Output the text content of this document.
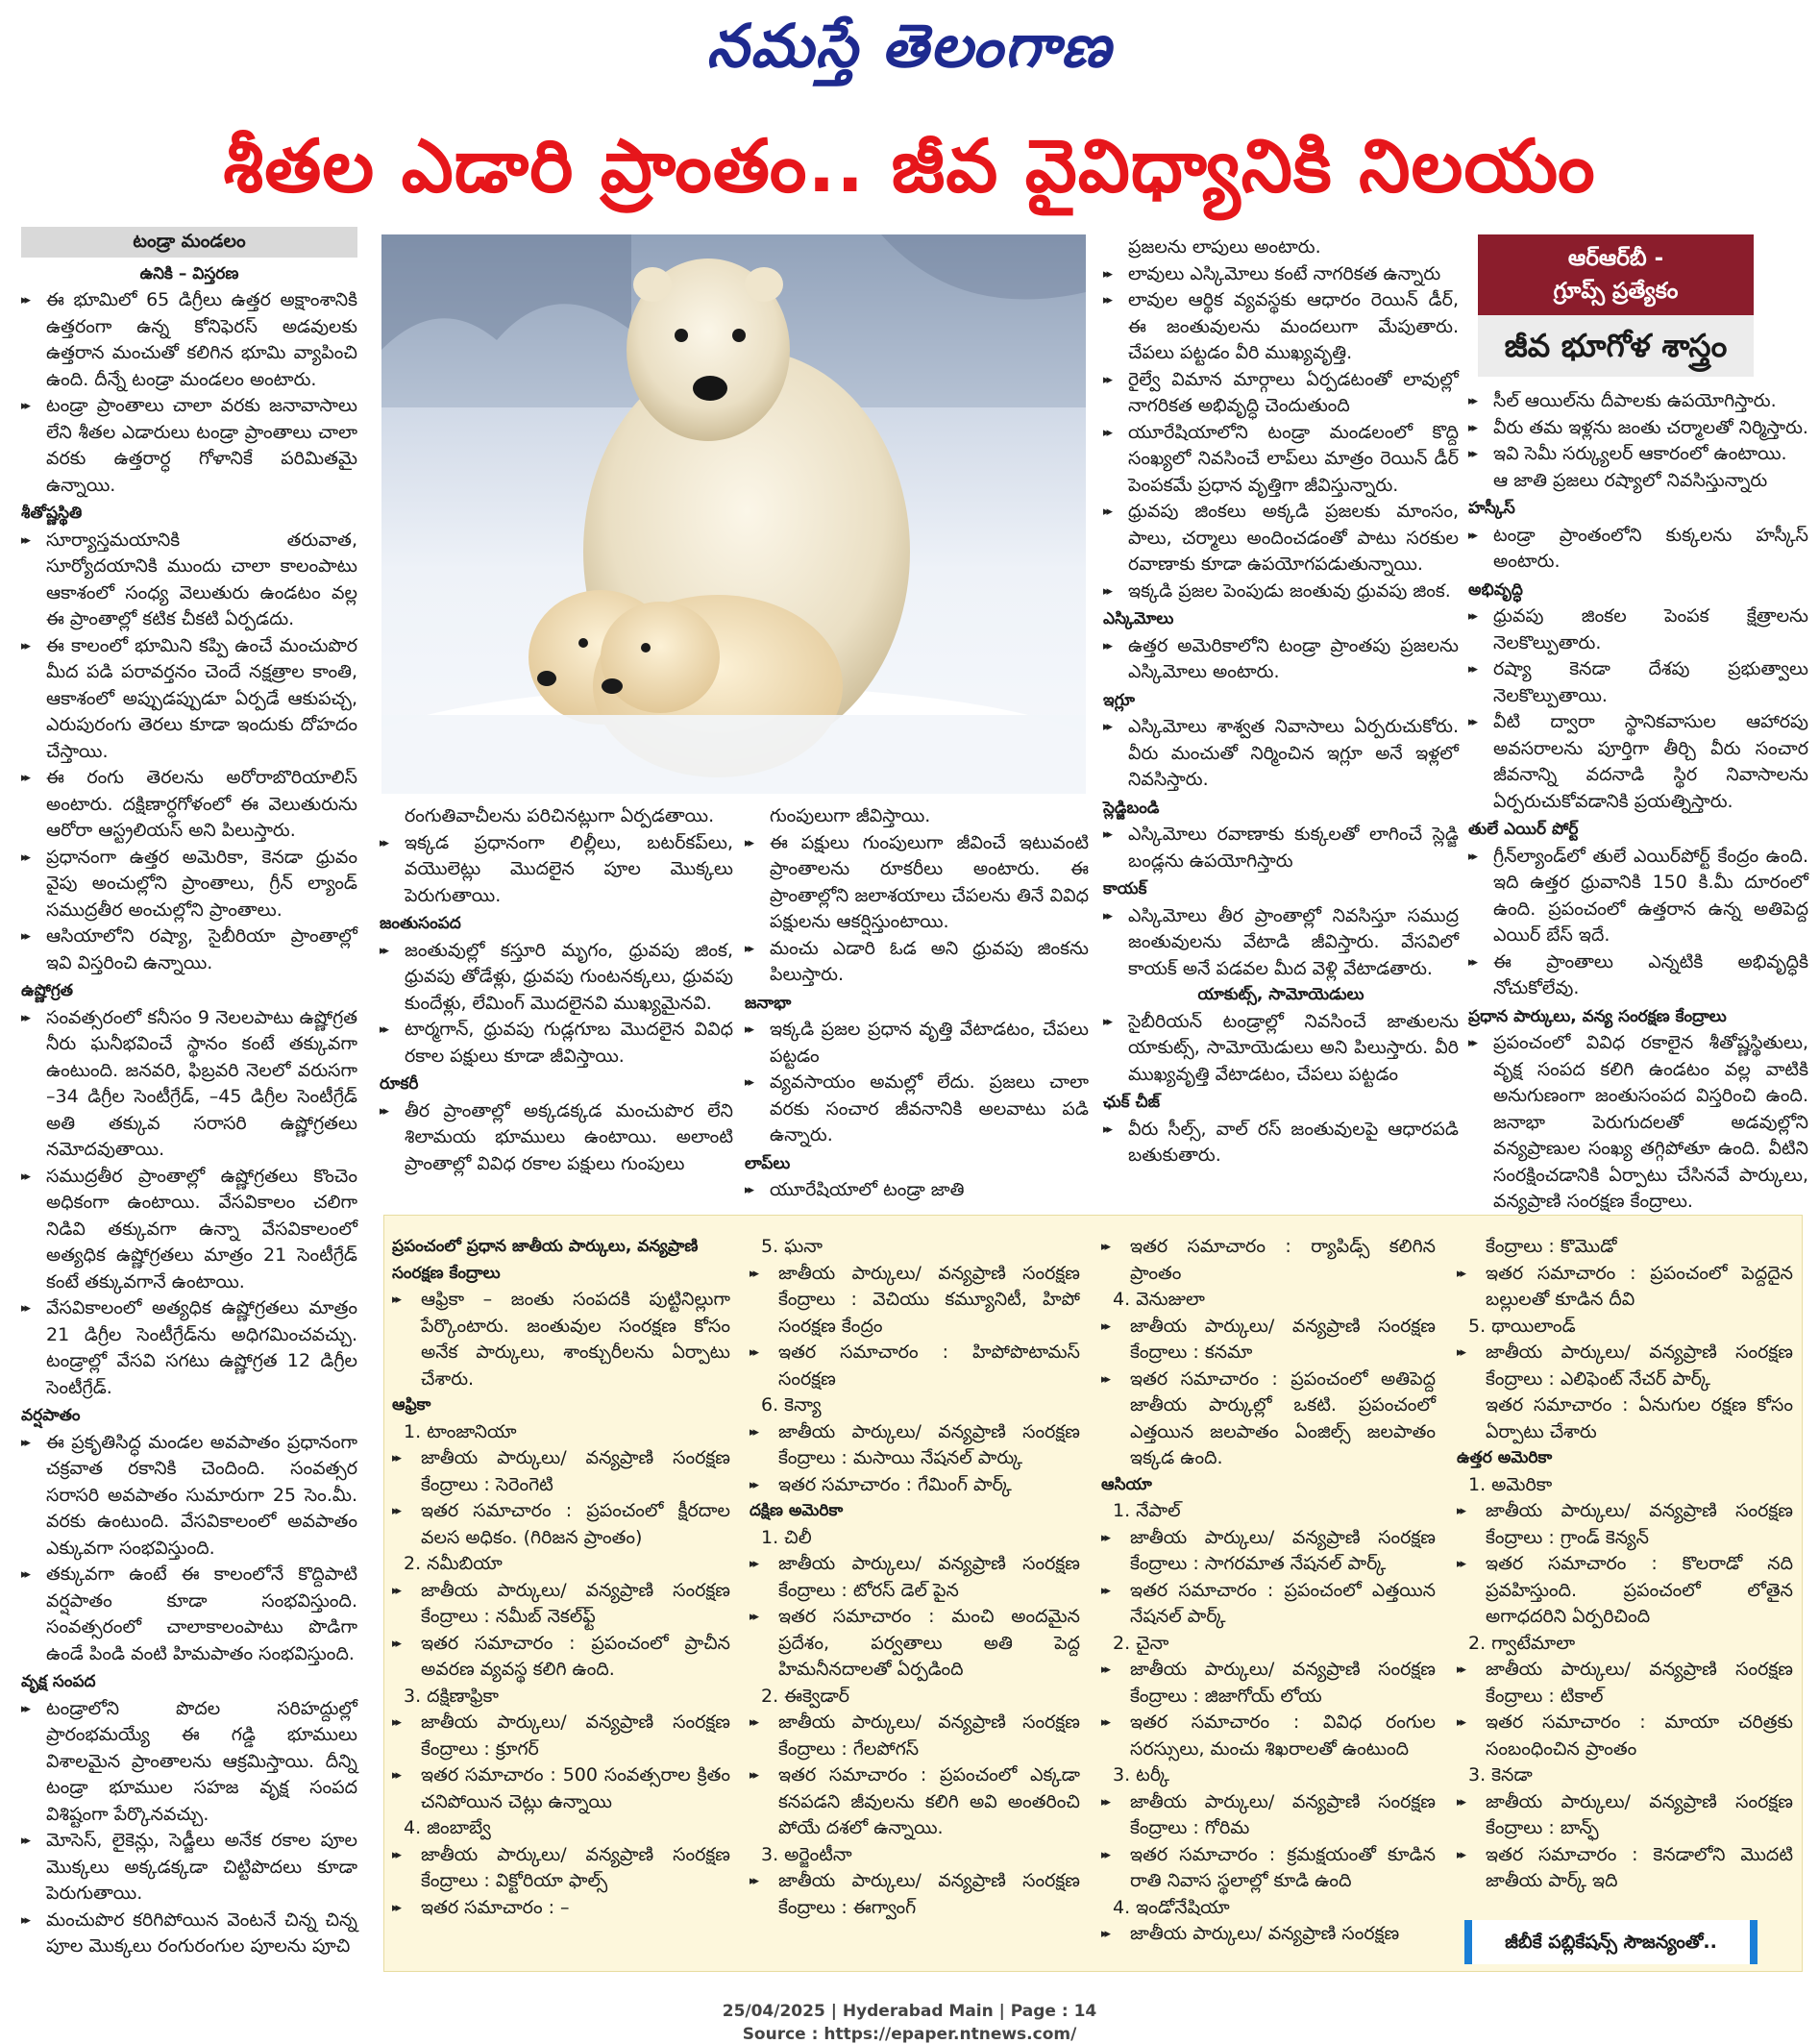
నమస్తే తెలంగాణ
శీతల ఎడారి ప్రాంతం.. జీవ వైవిధ్యానికి నిలయం
టండ్రా మండలం
ఉనికి – విస్తరణ

▸▸ ఈ భూమిలో 65 డిగ్రీలు ఉత్తర అక్షాంశానికి ఉత్తరంగా ఉన్న కోనిఫెరస్ అడవులకు ఉత్తరాన మంచుతో కలిగిన భూమి వ్యాపించి ఉంది. దీన్నే టండ్రా మండలం అంటారు.

▸▸ టండ్రా ప్రాంతాలు చాలా వరకు జనావాసాలు లేని శీతల ఎడారులు టండ్రా ప్రాంతాలు చాలా వరకు ఉత్తరార్ధ గోళానికే పరిమితమై ఉన్నాయి.

శీతోష్ణస్థితి

▸▸ సూర్యాస్తమయానికి తరువాత, సూర్యోదయానికి ముందు చాలా కాలంపాటు ఆకాశంలో సంధ్య వెలుతురు ఉండటం వల్ల ఈ ప్రాంతాల్లో కటిక చీకటి ఏర్పడదు.

▸▸ ఈ కాలంలో భూమిని కప్పి ఉంచే మంచుపొర మీద పడి పరావర్తనం చెందే నక్షత్రాల కాంతి, ఆకాశంలో అప్పుడప్పుడూ ఏర్పడే ఆకుపచ్చ, ఎరుపురంగు తెరలు కూడా ఇందుకు దోహదం చేస్తాయి.

▸▸ ఈ రంగు తెరలను అరోరాబొరియాలిస్ అంటారు. దక్షిణార్ధగోళంలో ఈ వెలుతురును ఆరోరా ఆస్ట్రలియస్ అని పిలుస్తారు.

▸▸ ప్రధానంగా ఉత్తర అమెరికా, కెనడా ధ్రువం వైపు అంచుల్లోని ప్రాంతాలు, గ్రీన్ ల్యాండ్ సముద్రతీర అంచుల్లోని ప్రాంతాలు.

▸▸ ఆసియాలోని రష్యా, సైబీరియా ప్రాంతాల్లో ఇవి విస్తరించి ఉన్నాయి.

ఉష్ణోగ్రత

▸▸ సంవత్సరంలో కనీసం 9 నెలలపాటు ఉష్ణోగ్రత నీరు ఘనీభవించే స్థానం కంటే తక్కువగా ఉంటుంది. జనవరి, ఫిబ్రవరి నెలలో వరుసగా –34 డిగ్రీల సెంటీగ్రేడ్, –45 డిగ్రీల సెంటీగ్రేడ్ అతి తక్కువ సరాసరి ఉష్ణోగ్రతలు నమోదవుతాయి.

▸▸ సముద్రతీర ప్రాంతాల్లో ఉష్ణోగ్రతలు కొంచెం అధికంగా ఉంటాయి. వేసవికాలం చలిగా నిడివి తక్కువగా ఉన్నా వేసవికాలంలో అత్యధిక ఉష్ణోగ్రతలు మాత్రం 21 సెంటీగ్రేడ్ కంటే తక్కువగానే ఉంటాయి.

▸▸ వేసవికాలంలో అత్యధిక ఉష్ణోగ్రతలు మాత్రం 21 డిగ్రీల సెంటీగ్రేడ్‌ను అధిగమించవచ్చు. టండ్రాల్లో వేసవి సగటు ఉష్ణోగ్రత 12 డిగ్రీల సెంటీగ్రేడ్.

వర్షపాతం

▸▸ ఈ ప్రకృతిసిద్ధ మండల అవపాతం ప్రధానంగా చక్రవాత రకానికి చెందింది. సంవత్సర సరాసరి అవపాతం సుమారుగా 25 సెం.మీ. వరకు ఉంటుంది. వేసవికాలంలో అవపాతం ఎక్కువగా సంభవిస్తుంది.

▸▸ తక్కువగా ఉంటే ఈ కాలంలోనే కొద్దిపాటి వర్షపాతం కూడా సంభవిస్తుంది. సంవత్సరంలో చాలాకాలంపాటు పొడిగా ఉండే పిండి వంటి హిమపాతం సంభవిస్తుంది.

వృక్ష సంపద

▸▸ టండ్రాలోని పొదల సరిహద్దుల్లో ప్రారంభమయ్యే ఈ గడ్డి భూములు విశాలమైన ప్రాంతాలను ఆక్రమిస్తాయి. దీన్ని టండ్రా భూముల సహజ వృక్ష సంపద విశిష్టంగా పేర్కొనవచ్చు.

▸▸ మోసెస్, లైకెన్లు, సెడ్జీలు అనేక రకాల పూల మొక్కలు అక్కడక్కడా చిట్టిపొదలు కూడా పెరుగుతాయి.

▸▸ మంచుపొర కరిగిపోయిన వెంటనే చిన్న చిన్న పూల మొక్కలు రంగురంగుల పూలను పూచి

రంగుతివాచీలను పరిచినట్లుగా ఏర్పడతాయి.

▸▸ ఇక్కడ ప్రధానంగా లిల్లీలు, బటర్‌కప్‌లు, వయొలెట్లు మొదలైన పూల మొక్కలు పెరుగుతాయి.

జంతుసంపద

▸▸ జంతువుల్లో కస్తూరి మృగం, ధ్రువపు జింక, ధ్రువపు తోడేళ్లు, ధ్రువపు గుంటనక్కలు, ధ్రువపు కుందేళ్లు, లేమింగ్ మొదలైనవి ముఖ్యమైనవి.

▸▸ టార్మగాన్, ధ్రువపు గుడ్లగూబ మొదలైన వివిధ రకాల పక్షులు కూడా జీవిస్తాయి.

రూకరీ

▸▸ తీర ప్రాంతాల్లో అక్కడక్కడ మంచుపొర లేని శిలామయ భూములు ఉంటాయి. అలాంటి ప్రాంతాల్లో వివిధ రకాల పక్షులు గుంపులు

గుంపులుగా జీవిస్తాయి.

▸▸ ఈ పక్షులు గుంపులుగా జీవించే ఇటువంటి ప్రాంతాలను రూకరీలు అంటారు. ఈ ప్రాంతాల్లోని జలాశయాలు చేపలను తినే వివిధ పక్షులను ఆకర్షిస్తుంటాయి.

▸▸ మంచు ఎడారి ఓడ అని ధ్రువపు జింకను పిలుస్తారు.

జనాభా

▸▸ ఇక్కడి ప్రజల ప్రధాన వృత్తి వేటాడటం, చేపలు పట్టడం

▸▸ వ్యవసాయం అమల్లో లేదు. ప్రజలు చాలా వరకు సంచార జీవనానికి అలవాటు పడి ఉన్నారు.

లాప్‌లు

▸▸ యూరేషియాలో టండ్రా జాతి

ప్రజలను లాపులు అంటారు.

▸▸ లావులు ఎస్కిమోలు కంటే నాగరికత ఉన్నారు

▸▸ లావుల ఆర్థిక వ్యవస్థకు ఆధారం రెయిన్ డీర్, ఈ జంతువులను మందలుగా మేపుతారు. చేపలు పట్టడం వీరి ముఖ్యవృత్తి.

▸▸ రైల్వే విమాన మార్గాలు ఏర్పడటంతో లావుల్లో నాగరికత అభివృద్ధి చెందుతుంది

▸▸ యూరేషియాలోని టండ్రా మండలంలో కొద్ది సంఖ్యలో నివసించే లాప్‌లు మాత్రం రెయిన్ డీర్ పెంపకమే ప్రధాన వృత్తిగా జీవిస్తున్నారు.

▸▸ ధ్రువపు జింకలు అక్కడి ప్రజలకు మాంసం, పాలు, చర్మాలు అందించడంతో పాటు సరకుల రవాణాకు కూడా ఉపయోగపడుతున్నాయి.

▸▸ ఇక్కడి ప్రజల పెంపుడు జంతువు ధ్రువపు జింక.

ఎస్కిమోలు

▸▸ ఉత్తర అమెరికాలోని టండ్రా ప్రాంతపు ప్రజలను ఎస్కిమోలు అంటారు.

ఇగ్లూ

▸▸ ఎస్కిమోలు శాశ్వత నివాసాలు ఏర్పరుచుకోరు. వీరు మంచుతో నిర్మించిన ఇగ్లూ అనే ఇళ్లలో నివసిస్తారు.

స్లెడ్జిబండి

▸▸ ఎస్కిమోలు రవాణాకు కుక్కలతో లాగించే స్లెడ్జి బండ్లను ఉపయోగిస్తారు

కాయక్

▸▸ ఎస్కిమోలు తీర ప్రాంతాల్లో నివసిస్తూ సముద్ర జంతువులను వేటాడి జీవిస్తారు. వేసవిలో కాయక్ అనే పడవల మీద వెళ్లి వేటాడతారు.

యాకుట్స్, సామోయెడులు

▸▸ సైబీరియన్ టండ్రాల్లో నివసించే జాతులను యాకుట్స్, సామోయెడులు అని పిలుస్తారు. వీరి ముఖ్యవృత్తి వేటాడటం, చేపలు పట్టడం

ఛుక్ చీజ్

▸▸ వీరు సీల్స్, వాల్ రస్ జంతువులపై ఆధారపడి బతుకుతారు.

ఆర్‌ఆర్‌బీ -
గ్రూప్స్ ప్రత్యేకం
జీవ భూగోళ శాస్త్రం

▸▸ సీల్ ఆయిల్‌ను దీపాలకు ఉపయోగిస్తారు.

▸▸ వీరు తమ ఇళ్లను జంతు చర్మాలతో నిర్మిస్తారు.

▸▸ ఇవి సెమీ సర్క్యులర్ ఆకారంలో ఉంటాయి.

ఆ జాతి ప్రజలు రష్యాలో నివసిస్తున్నారు

హస్కీస్

▸▸ టండ్రా ప్రాంతంలోని కుక్కలను హస్కీస్ అంటారు.

అభివృద్ధి

▸▸ ధ్రువపు జింకల పెంపక క్షేత్రాలను నెలకొల్పుతారు.

▸▸ రష్యా కెనడా దేశపు ప్రభుత్వాలు నెలకొల్పుతాయి.

▸▸ వీటి ద్వారా స్థానికవాసుల ఆహారపు అవసరాలను పూర్తిగా తీర్చి వీరు సంచార జీవనాన్ని వదనాడి స్థిర నివాసాలను ఏర్పరుచుకోవడానికి ప్రయత్నిస్తారు.

తులే ఎయిర్ పోర్ట్

▸▸ గ్రీన్‌ల్యాండ్‌లో తులే ఎయిర్‌పోర్ట్ కేంద్రం ఉంది. ఇది ఉత్తర ధ్రువానికి 150 కి.మీ దూరంలో ఉంది. ప్రపంచంలో ఉత్తరాన ఉన్న అతిపెద్ద ఎయిర్ బేస్ ఇదే.

▸▸ ఈ ప్రాంతాలు ఎన్నటికి అభివృద్ధికి నోచుకోలేవు.

ప్రధాన పార్కులు, వన్య సంరక్షణ కేంద్రాలు

▸▸ ప్రపంచంలో వివిధ రకాలైన శీతోష్ణస్థితులు, వృక్ష సంపద కలిగి ఉండటం వల్ల వాటికి అనుగుణంగా జంతుసంపద విస్తరించి ఉంది. జనాభా పెరుగుదలతో అడవుల్లోని వన్యప్రాణుల సంఖ్య తగ్గిపోతూ ఉంది. వీటిని సంరక్షించడానికి ఏర్పాటు చేసినవే పార్కులు, వన్యప్రాణి సంరక్షణ కేంద్రాలు.

ప్రపంచంలో ప్రధాన జాతీయ పార్కులు, వన్యప్రాణి సంరక్షణ కేంద్రాలు

▸▸ ఆఫ్రికా – జంతు సంపదకి పుట్టినిల్లుగా పేర్కొంటారు. జంతువుల సంరక్షణ కోసం అనేక పార్కులు, శాంక్చురీలను ఏర్పాటు చేశారు.

ఆఫ్రికా
1. టాంజానియా

▸▸ జాతీయ పార్కులు/ వన్యప్రాణి సంరక్షణ కేంద్రాలు : సెరెంగెటి

▸▸ ఇతర సమాచారం : ప్రపంచంలో క్షీరదాల వలస అధికం. (గిరిజన ప్రాంతం)

2. నమీబియా

▸▸ జాతీయ పార్కులు/ వన్యప్రాణి సంరక్షణ కేంద్రాలు : నమీబ్ నెకల్‌ఫ్ట్

▸▸ ఇతర సమాచారం : ప్రపంచంలో ప్రాచీన అవరణ వ్యవస్థ కలిగి ఉంది.

3. దక్షిణాఫ్రికా

▸▸ జాతీయ పార్కులు/ వన్యప్రాణి సంరక్షణ కేంద్రాలు : క్రూగర్

▸▸ ఇతర సమాచారం : 500 సంవత్సరాల క్రితం చనిపోయిన చెట్లు ఉన్నాయి

4. జింబాబ్వే

▸▸ జాతీయ పార్కులు/ వన్యప్రాణి సంరక్షణ కేంద్రాలు : విక్టోరియా ఫాల్స్

▸▸ ఇతర సమాచారం : –

5. ఘనా

▸▸ జాతీయ పార్కులు/ వన్యప్రాణి సంరక్షణ కేంద్రాలు : వెచియు కమ్యూనిటీ, హిపో సంరక్షణ కేంద్రం

▸▸ ఇతర సమాచారం : హిపోపొటామస్ సంరక్షణ

6. కెన్యా

▸▸ జాతీయ పార్కులు/ వన్యప్రాణి సంరక్షణ కేంద్రాలు : మసాయి నేషనల్ పార్కు

▸▸ ఇతర సమాచారం : గేమింగ్ పార్క్

దక్షిణ అమెరికా
1. చిలీ

▸▸ జాతీయ పార్కులు/ వన్యప్రాణి సంరక్షణ కేంద్రాలు : టోరస్ డెల్ పైన

▸▸ ఇతర సమాచారం : మంచి అందమైన ప్రదేశం, పర్వతాలు అతి పెద్ద హిమనీనదాలతో ఏర్పడింది

2. ఈక్వెడార్

▸▸ జాతీయ పార్కులు/ వన్యప్రాణి సంరక్షణ కేంద్రాలు : గేలపోగస్

▸▸ ఇతర సమాచారం : ప్రపంచంలో ఎక్కడా కనపడని జీవులను కలిగి అవి అంతరించి పోయే దశలో ఉన్నాయి.

3. అర్జెంటీనా

▸▸ జాతీయ పార్కులు/ వన్యప్రాణి సంరక్షణ కేంద్రాలు : ఈగ్వాంగ్

▸▸ ఇతర సమాచారం : ర్యాపిడ్స్ కలిగిన ప్రాంతం

4. వెనుజులా

▸▸ జాతీయ పార్కులు/ వన్యప్రాణి సంరక్షణ కేంద్రాలు : కనమా

▸▸ ఇతర సమాచారం : ప్రపంచంలో అతిపెద్ద జాతీయ పార్కుల్లో ఒకటి. ప్రపంచంలో ఎత్తయిన జలపాతం ఏంజిల్స్ జలపాతం ఇక్కడ ఉంది.

ఆసియా
1. నేపాల్

▸▸ జాతీయ పార్కులు/ వన్యప్రాణి సంరక్షణ కేంద్రాలు : సాగరమాత నేషనల్ పార్క్

▸▸ ఇతర సమాచారం : ప్రపంచంలో ఎత్తయిన నేషనల్ పార్క్

2. చైనా

▸▸ జాతీయ పార్కులు/ వన్యప్రాణి సంరక్షణ కేంద్రాలు : జిజాగోయ్ లోయ

▸▸ ఇతర సమాచారం : వివిధ రంగుల సరస్సులు, మంచు శిఖరాలతో ఉంటుంది

3. టర్కీ

▸▸ జాతీయ పార్కులు/ వన్యప్రాణి సంరక్షణ కేంద్రాలు : గోరిమ

▸▸ ఇతర సమాచారం : క్రమక్షయంతో కూడిన రాతి నివాస స్థలాల్లో కూడి ఉంది

4. ఇండోనేషియా

▸▸ జాతీయ పార్కులు/ వన్యప్రాణి సంరక్షణ

కేంద్రాలు : కొమొడో

▸▸ ఇతర సమాచారం : ప్రపంచంలో పెద్దదైన బల్లులతో కూడిన దీవి

5. థాయిలాండ్

▸▸ జాతీయ పార్కులు/ వన్యప్రాణి సంరక్షణ కేంద్రాలు : ఎలిఫెంట్ నేచర్ పార్క్

ఇతర సమాచారం : ఏనుగుల రక్షణ కోసం ఏర్పాటు చేశారు

ఉత్తర అమెరికా
1. అమెరికా

▸▸ జాతీయ పార్కులు/ వన్యప్రాణి సంరక్షణ కేంద్రాలు : గ్రాండ్ కెన్యన్

▸▸ ఇతర సమాచారం : కొలరాడో నది ప్రవహిస్తుంది. ప్రపంచంలో లోతైన అగాధదరిని ఏర్పరిచింది

2. గ్వాటేమాలా

▸▸ జాతీయ పార్కులు/ వన్యప్రాణి సంరక్షణ కేంద్రాలు : టికాల్

▸▸ ఇతర సమాచారం : మాయా చరిత్రకు సంబంధించిన ప్రాంతం

3. కెనడా

▸▸ జాతీయ పార్కులు/ వన్యప్రాణి సంరక్షణ కేంద్రాలు : బాన్ఫ్

▸▸ ఇతర సమాచారం : కెనడాలోని మొదటి జాతీయ పార్క్ ఇది

జీబీకే పబ్లికేషన్స్ సౌజన్యంతో..
25/04/2025 | Hyderabad Main | Page : 14
Source : https://epaper.ntnews.com/
